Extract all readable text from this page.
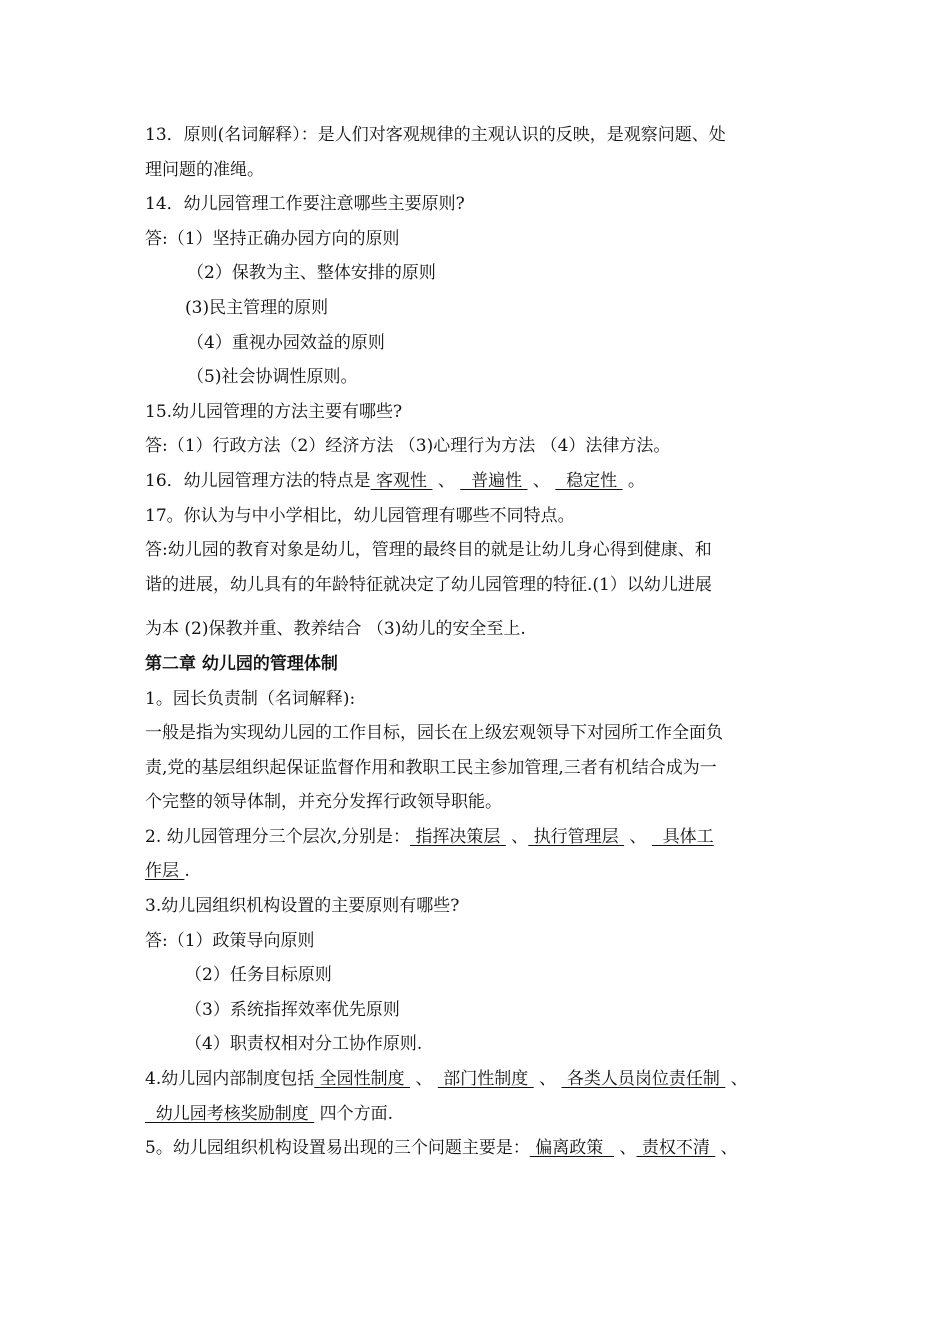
13．原则(名词解释）：是人们对客观规律的主观认识的反映，是观察问题、处
理问题的准绳。
14．幼儿园管理工作要注意哪些主要原则?
答:（1）坚持正确办园方向的原则
（2）保教为主、整体安排的原则
(3)民主管理的原则
（4）重视办园效益的原则
（5)社会协调性原则。
15.幼儿园管理的方法主要有哪些?
答:（1）行政方法（2）经济方法 （3)心理行为方法 （4）法律方法。
16．幼儿园管理方法的特点是 客观性  、   普遍性  、   稳定性  。
17。你认为与中小学相比，幼儿园管理有哪些不同特点。
答:幼儿园的教育对象是幼儿，管理的最终目的就是让幼儿身心得到健康、和
谐的进展，幼儿具有的年龄特征就决定了幼儿园管理的特征.(1）以幼儿进展
为本 (2)保教并重、教养结合 （3)幼儿的安全至上.
第二章 幼儿园的管理体制
1。园长负责制（名词解释):
一般是指为实现幼儿园的工作目标，园长在上级宏观领导下对园所工作全面负
责,党的基层组织起保证监督作用和教职工民主参加管理,三者有机结合成为一
个完整的领导体制，并充分发挥行政领导职能。
2. 幼儿园管理分三个层次,分别是： 指挥决策层  、 执行管理层  、   具体工
作层 .
3.幼儿园组织机构设置的主要原则有哪些?
答:（1）政策导向原则
（2）任务目标原则
（3）系统指挥效率优先原则
（4）职责权相对分工协作原则.
4.幼儿园内部制度包括 全园性制度  、  部门性制度  、  各类人员岗位责任制  、
幼儿园考核奖励制度  四个方面.
5。幼儿园组织机构设置易出现的三个问题主要是： 偏离政策   、 责权不清  、
